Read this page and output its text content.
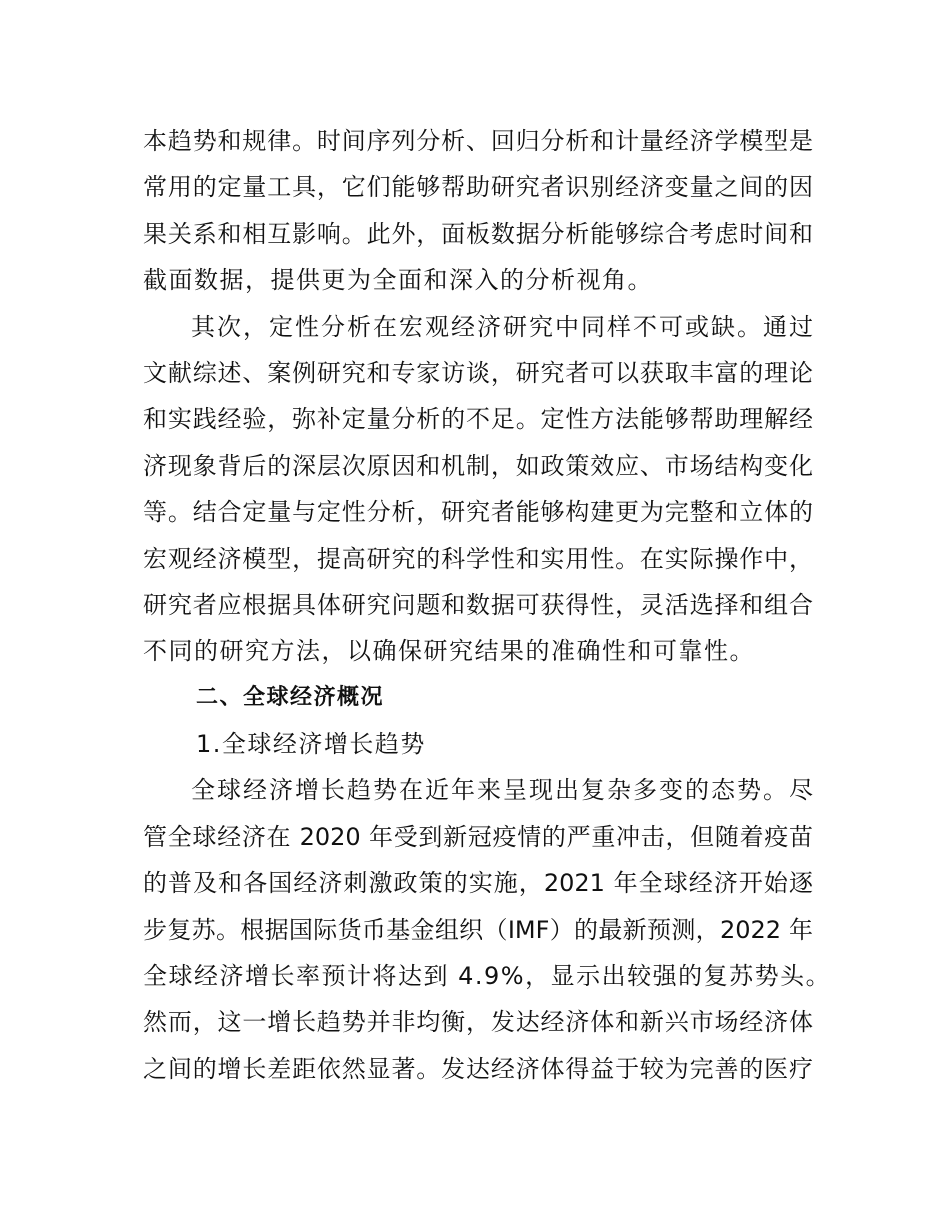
本趋势和规律。时间序列分析、回归分析和计量经济学模型是
常用的定量工具，它们能够帮助研究者识别经济变量之间的因
果关系和相互影响。此外，面板数据分析能够综合考虑时间和
截面数据，提供更为全面和深入的分析视角。
其次，定性分析在宏观经济研究中同样不可或缺。通过
文献综述、案例研究和专家访谈，研究者可以获取丰富的理论
和实践经验，弥补定量分析的不足。定性方法能够帮助理解经
济现象背后的深层次原因和机制，如政策效应、市场结构变化
等。结合定量与定性分析，研究者能够构建更为完整和立体的
宏观经济模型，提高研究的科学性和实用性。在实际操作中，
研究者应根据具体研究问题和数据可获得性，灵活选择和组合
不同的研究方法，以确保研究结果的准确性和可靠性。
二、全球经济概况
1.全球经济增长趋势
全球经济增长趋势在近年来呈现出复杂多变的态势。尽
管全球经济在 2020 年受到新冠疫情的严重冲击，但随着疫苗
的普及和各国经济刺激政策的实施，2021 年全球经济开始逐
步复苏。根据国际货币基金组织（IMF）的最新预测，2022 年
全球经济增长率预计将达到 4.9%，显示出较强的复苏势头。
然而，这一增长趋势并非均衡，发达经济体和新兴市场经济体
之间的增长差距依然显著。发达经济体得益于较为完善的医疗
